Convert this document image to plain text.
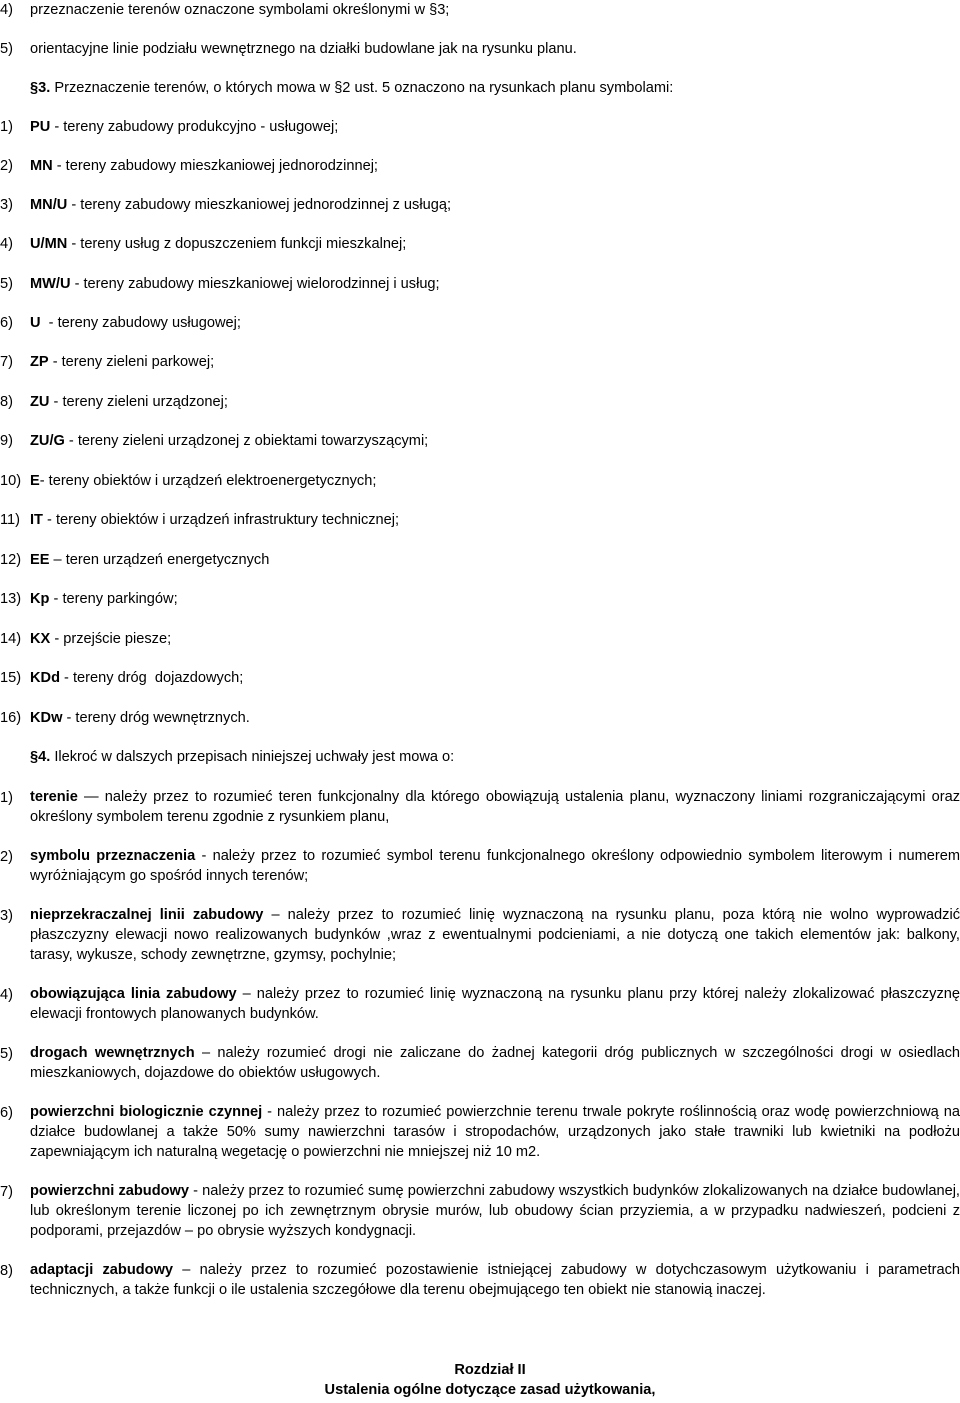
4) przeznaczenie terenów oznaczone symbolami określonymi w §3;
5) orientacyjne linie podziału wewnętrznego na działki budowlane jak na rysunku planu.
§3. Przeznaczenie terenów, o których mowa w §2 ust. 5 oznaczono na rysunkach planu symbolami:
1) PU - tereny zabudowy produkcyjno - usługowej;
2) MN - tereny zabudowy mieszkaniowej jednorodzinnej;
3) MN/U - tereny zabudowy mieszkaniowej jednorodzinnej z usługą;
4) U/MN - tereny usług z dopuszczeniem funkcji mieszkalnej;
5) MW/U - tereny zabudowy mieszkaniowej wielorodzinnej i usług;
6) U  - tereny zabudowy usługowej;
7) ZP - tereny zieleni parkowej;
8) ZU - tereny zieleni urządzonej;
9) ZU/G - tereny zieleni urządzonej z obiektami towarzyszącymi;
10) E- tereny obiektów i urządzeń elektroenergetycznych;
11) IT - tereny obiektów i urządzeń infrastruktury technicznej;
12) EE – teren urządzeń energetycznych
13) Kp - tereny parkingów;
14) KX - przejście piesze;
15) KDd - tereny dróg  dojazdowych;
16) KDw - tereny dróg wewnętrznych.
§4. Ilekroć w dalszych przepisach niniejszej uchwały jest mowa o:
1) terenie — należy przez to rozumieć teren funkcjonalny dla którego obowiązują ustalenia planu, wyznaczony liniami rozgraniczającymi oraz określony symbolem terenu zgodnie z rysunkiem planu,
2) symbolu przeznaczenia - należy przez to rozumieć symbol terenu funkcjonalnego określony odpowiednio symbolem literowym i numerem wyróżniającym go spośród innych terenów;
3) nieprzekraczalnej linii zabudowy – należy przez to rozumieć linię wyznaczoną na rysunku planu, poza którą nie wolno wyprowadzić płaszczyzny elewacji nowo realizowanych budynków ,wraz z ewentualnymi podcieniami, a nie dotyczą one takich elementów jak: balkony, tarasy, wykusze, schody zewnętrzne, gzymsy, pochylnie;
4) obowiązująca linia zabudowy – należy przez to rozumieć linię wyznaczoną na rysunku planu przy której należy zlokalizować płaszczyznę elewacji frontowych planowanych budynków.
5) drogach wewnętrznych – należy rozumieć drogi nie zaliczane do żadnej kategorii dróg publicznych w szczególności drogi w osiedlach mieszkaniowych, dojazdowe do obiektów usługowych.
6) powierzchni biologicznie czynnej - należy przez to rozumieć powierzchnie terenu trwale pokryte roślinnością oraz wodę powierzchniową na działce budowlanej a także 50% sumy nawierzchni tarasów i stropodachów, urządzonych jako stałe trawniki lub kwietniki na podłożu zapewniającym ich naturalną wegetację o powierzchni nie mniejszej niż 10 m2.
7) powierzchni zabudowy - należy przez to rozumieć sumę powierzchni zabudowy wszystkich budynków zlokalizowanych na działce budowlanej, lub określonym terenie liczonej po ich zewnętrznym obrysie murów, lub obudowy ścian przyziemia, a w przypadku nadwieszeń, podcieni z podporami, przejazdów – po obrysie wyższych kondygnacji.
8) adaptacji zabudowy – należy przez to rozumieć pozostawienie istniejącej zabudowy w dotychczasowym użytkowaniu i parametrach technicznych, a także funkcji o ile ustalenia szczegółowe dla terenu obejmującego ten obiekt nie stanowią inaczej.
Rozdział II
Ustalenia ogólne dotyczące zasad użytkowania,
